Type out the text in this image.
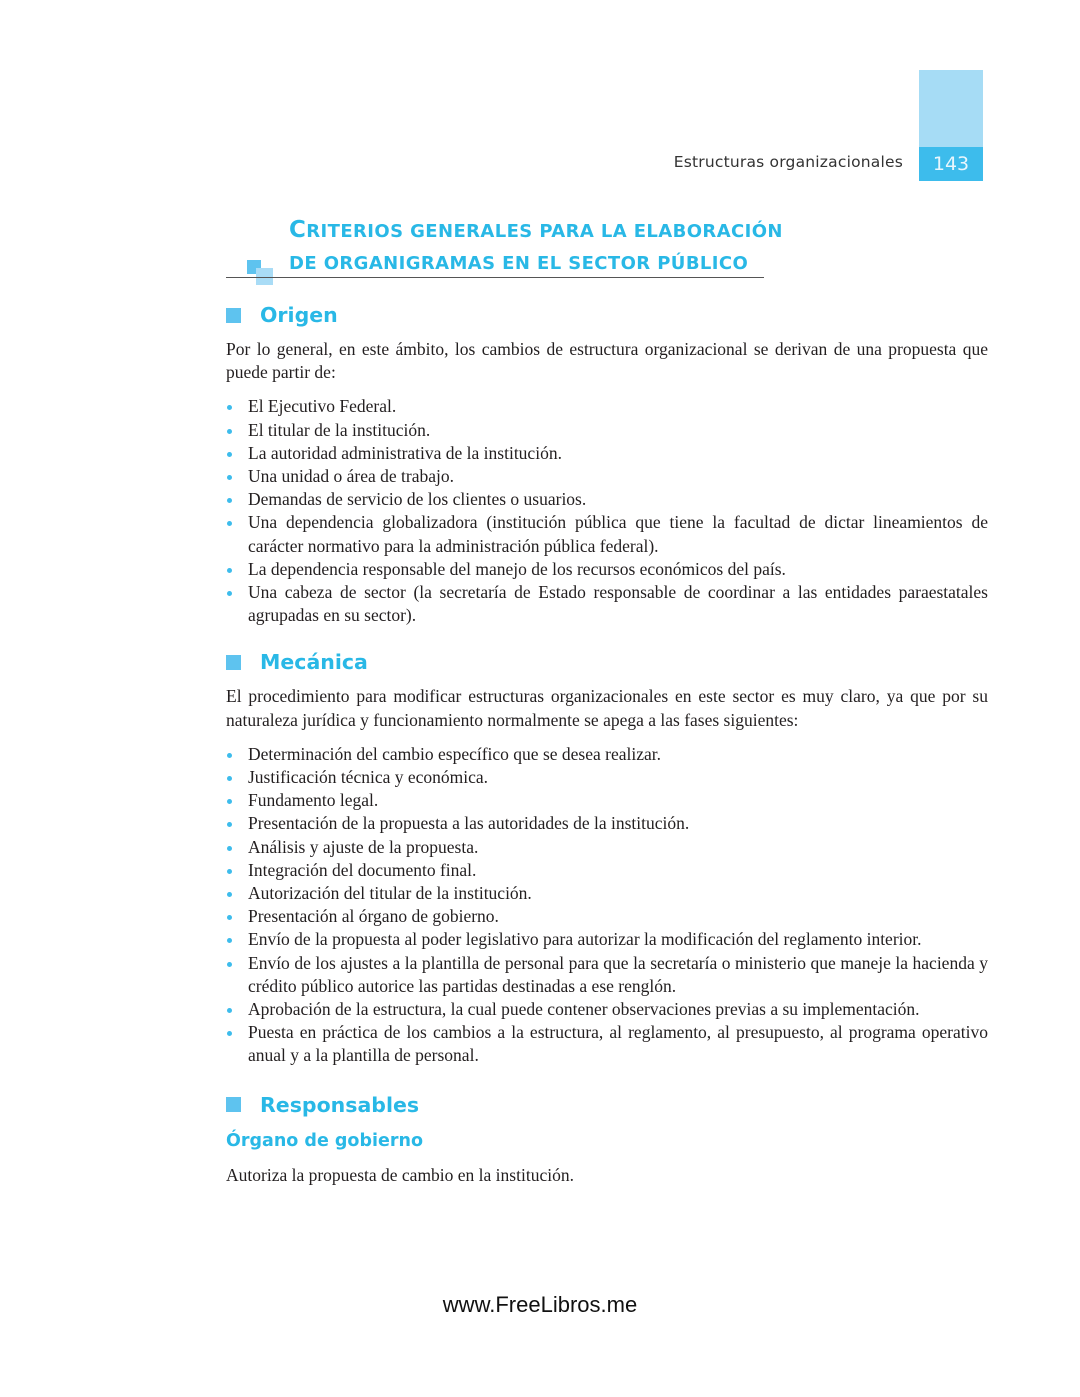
143
Estructuras organizacionales
CRITERIOS GENERALES PARA LA ELABORACIÓN
DE ORGANIGRAMAS EN EL SECTOR PÚBLICO
Origen

Por lo general, en este ámbito, los cambios de estructura organizacional se derivan de una propuesta que puede partir de:

El Ejecutivo Federal.
El titular de la institución.
La autoridad administrativa de la institución.
Una unidad o área de trabajo.
Demandas de servicio de los clientes o usuarios.
Una dependencia globalizadora (institución pública que tiene la facultad de dictar lineamientos de carácter normativo para la administración pública federal).
La dependencia responsable del manejo de los recursos económicos del país.
Una cabeza de sector (la secretaría de Estado responsable de coordinar a las entidades paraestatales agrupadas en su sector).
Mecánica

El procedimiento para modificar estructuras organizacionales en este sector es muy claro, ya que por su naturaleza jurídica y funcionamiento normalmente se apega a las fases siguientes:

Determinación del cambio específico que se desea realizar.
Justificación técnica y económica.
Fundamento legal.
Presentación de la propuesta a las autoridades de la institución.
Análisis y ajuste de la propuesta.
Integración del documento final.
Autorización del titular de la institución.
Presentación al órgano de gobierno.
Envío de la propuesta al poder legislativo para autorizar la modificación del reglamento interior.
Envío de los ajustes a la plantilla de personal para que la secretaría o ministerio que maneje la hacienda y crédito público autorice las partidas destinadas a ese renglón.
Aprobación de la estructura, la cual puede contener observaciones previas a su implementación.
Puesta en práctica de los cambios a la estructura, al reglamento, al presupuesto, al programa operativo anual y a la plantilla de personal.
Responsables
Órgano de gobierno

Autoriza la propuesta de cambio en la institución.

www.FreeLibros.me
